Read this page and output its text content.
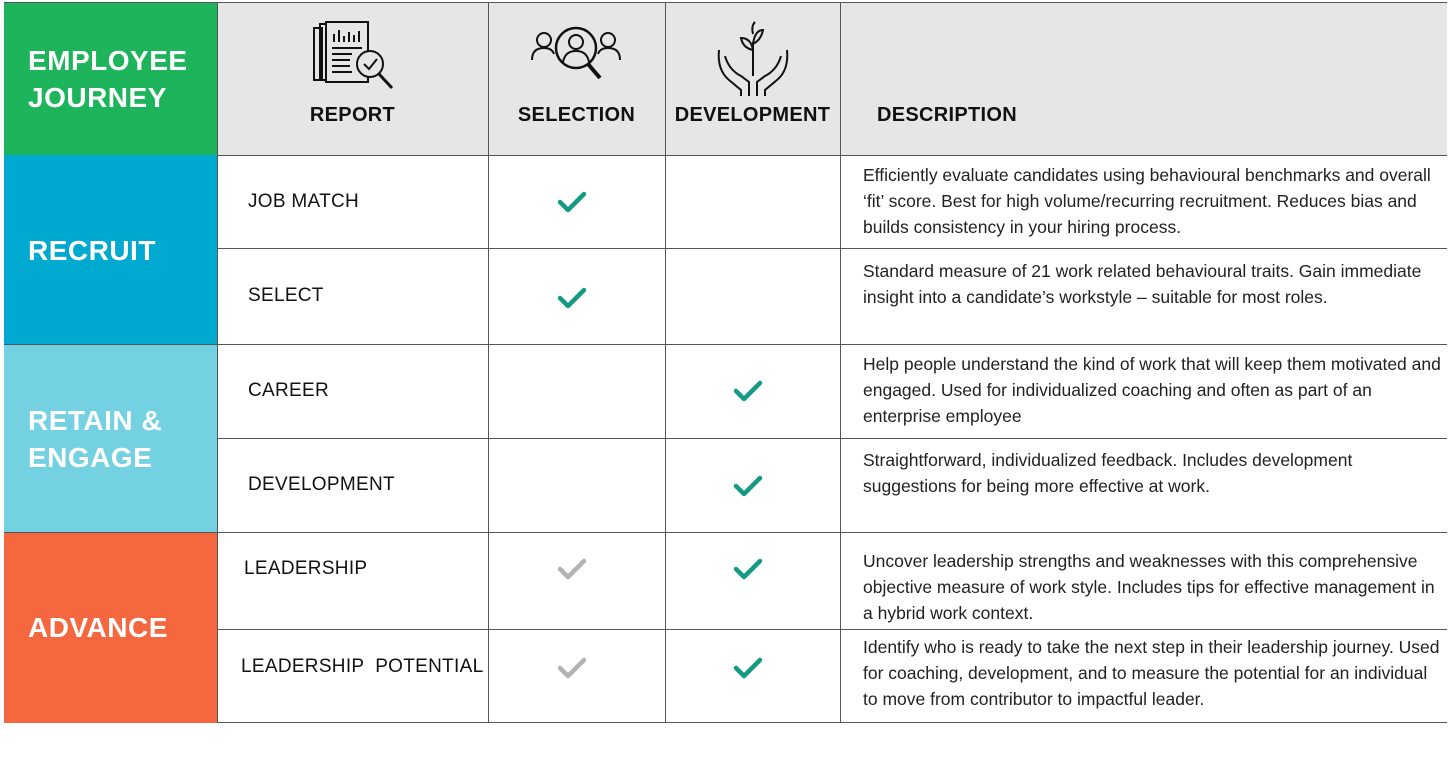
EMPLOYEE JOURNEY
RECRUIT
RETAIN & ENGAGE
ADVANCE
REPORT	SELECTION DEVELOPMENT DESCRIPTION
JOB MATCH
SELECT
CAREER
DEVELOPMENT
LEADERSHIP
LEADERSHIP  POTENTIAL
Efficiently evaluate candidates using behavioural benchmarks and overall ‘fit’ score. Best for high volume/recurring recruitment. Reduces bias and builds consistency in your hiring process.
Standard measure of 21 work related behavioural traits. Gain immediate insight into a candidate’s workstyle – suitable for most roles.
Help people understand the kind of work that will keep them motivated and engaged. Used for individualized coaching and often as part of an enterprise employee
Straightforward, individualized feedback. Includes development suggestions for being more effective at work.
Uncover leadership strengths and weaknesses with this comprehensive objective measure of work style. Includes tips for effective management in a hybrid work context.
Identify who is ready to take the next step in their leadership journey. Used for coaching, development, and to measure the potential for an individual to move from contributor to impactful leader.
